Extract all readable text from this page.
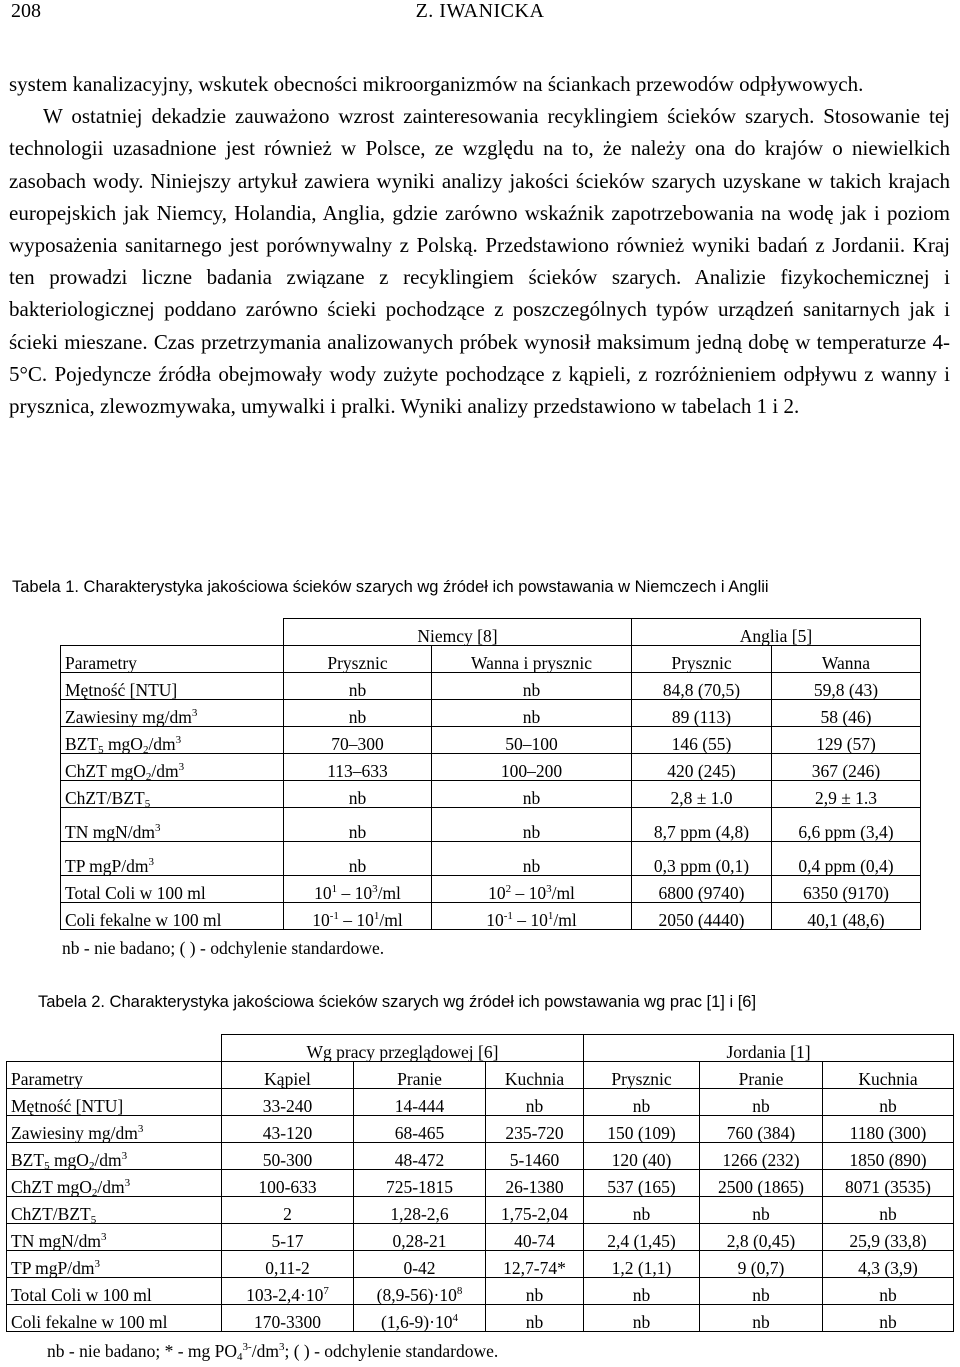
208	Z. IWANICKA

system kanalizacyjny, wskutek obecności mikroorganizmów na ściankach przewodów odpływowych.

W ostatniej dekadzie zauważono wzrost zainteresowania recyklingiem ścieków szarych. Stosowanie tej technologii uzasadnione jest również w Polsce, ze względu na to, że należy ona do krajów o niewielkich zasobach wody. Niniejszy artykuł zawiera wyniki analizy jakości ścieków szarych uzyskane w takich krajach europejskich jak Niemcy, Holandia, Anglia, gdzie zarówno wskaźnik zapotrzebowania na wodę jak i poziom wyposażenia sanitarnego jest porównywalny z Polską. Przedstawiono również wyniki badań z Jordanii. Kraj ten prowadzi liczne badania związane z recyklingiem ścieków szarych. Analizie fizykochemicznej i bakteriologicznej poddano zarówno ścieki pochodzące z poszczególnych typów urządzeń sanitarnych jak i ścieki mieszane. Czas przetrzymania analizowanych próbek wynosił maksimum jedną dobę w temperaturze 4-5°C. Pojedyncze źródła obejmowały wody zużyte pochodzące z kąpieli, z rozróżnieniem odpływu z wanny i prysznica, zlewozmywaka, umywalki i pralki. Wyniki analizy przedstawiono w tabelach 1 i 2.

Tabela 1. Charakterystyka jakościowa ścieków szarych wg źródeł ich powstawania w Niemczech i Anglii
	Niemcy [8]		Anglia [5]	
Parametry	Prysznic	Wanna i prysznic	Prysznic	Wanna
Mętność [NTU]	nb	nb	84,8 (70,5)	59,8 (43)
Zawiesiny $mg/dm^3$	nb	nb	89 (113)	58 (46)
$BZT_5$ $mgO_2/dm^3$	70–300	50–100	146 (55)	129 (57)
ChZT $mgO_2/dm^3$	113–633	100–200	420 (245)	367 (246)
ChZT/$BZT_5$	nb	nb	2,8 ± 1.0	2,9 ± 1.3
TN mgN/$dm^3$	nb	nb	8,7 ppm (4,8)	6,6 ppm (3,4)
TP mgP/$dm^3$	nb	nb	0,3 ppm (0,1)	0,4 ppm (0,4)
Total Coli w 100 ml	$10^1 - 10^3/ml$	$10^2 - 10^3/ml$	6800 (9740)	6350 (9170)
Coli fekalne w 100 ml	$10^{-1} - 10^1/ml$	$10^{-1} - 10^1/ml$	2050 (4440)	40,1 (48,6)
nb - nie badano; ( ) - odchylenie standardowe.
Tabela 2. Charakterystyka jakościowa ścieków szarych wg źródeł ich powstawania wg prac [1] i [6]
	Wg pracy przeglądowej [6]			Jordania [1]		
Parametry	Kąpiel	Pranie	Kuchnia	Prysznic	Pranie	Kuchnia
Mętność [NTU]	33-240	14-444	nb	nb	nb	nb
Zawiesiny $mg/dm^3$	43-120	68-465	235-720	150 (109)	760 (384)	1180 (300)
$BZT_5$ $mgO_2/dm^3$	50-300	48-472	5-1460	120 (40)	1266 (232)	1850 (890)
ChZT $mgO_2/dm^3$	100-633	725-1815	26-1380	537 (165)	2500 (1865)	8071 (3535)
ChZT/$BZT_5$	2	1,28-2,6	1,75-2,04	nb	nb	nb
TN mgN/$dm^3$	5-17	0,28-21	40-74	2,4 (1,45)	2,8 (0,45)	25,9 (33,8)
TP mgP/$dm^3$	0,11-2	0-42	12,7-74*	1,2 (1,1)	9 (0,7)	4,3 (3,9)
Total Coli w 100 ml	$103-2,4\cdot 10^7$	$(8,9-56)\cdot 10^8$	nb	nb	nb	nb
Coli fekalne w 100 ml	170-3300	$(1,6-9)\cdot 10^4$	nb	nb	nb	nb
nb - nie badano; * - mg $PO_4^{3-}/dm^3$; ( ) - odchylenie standardowe.
